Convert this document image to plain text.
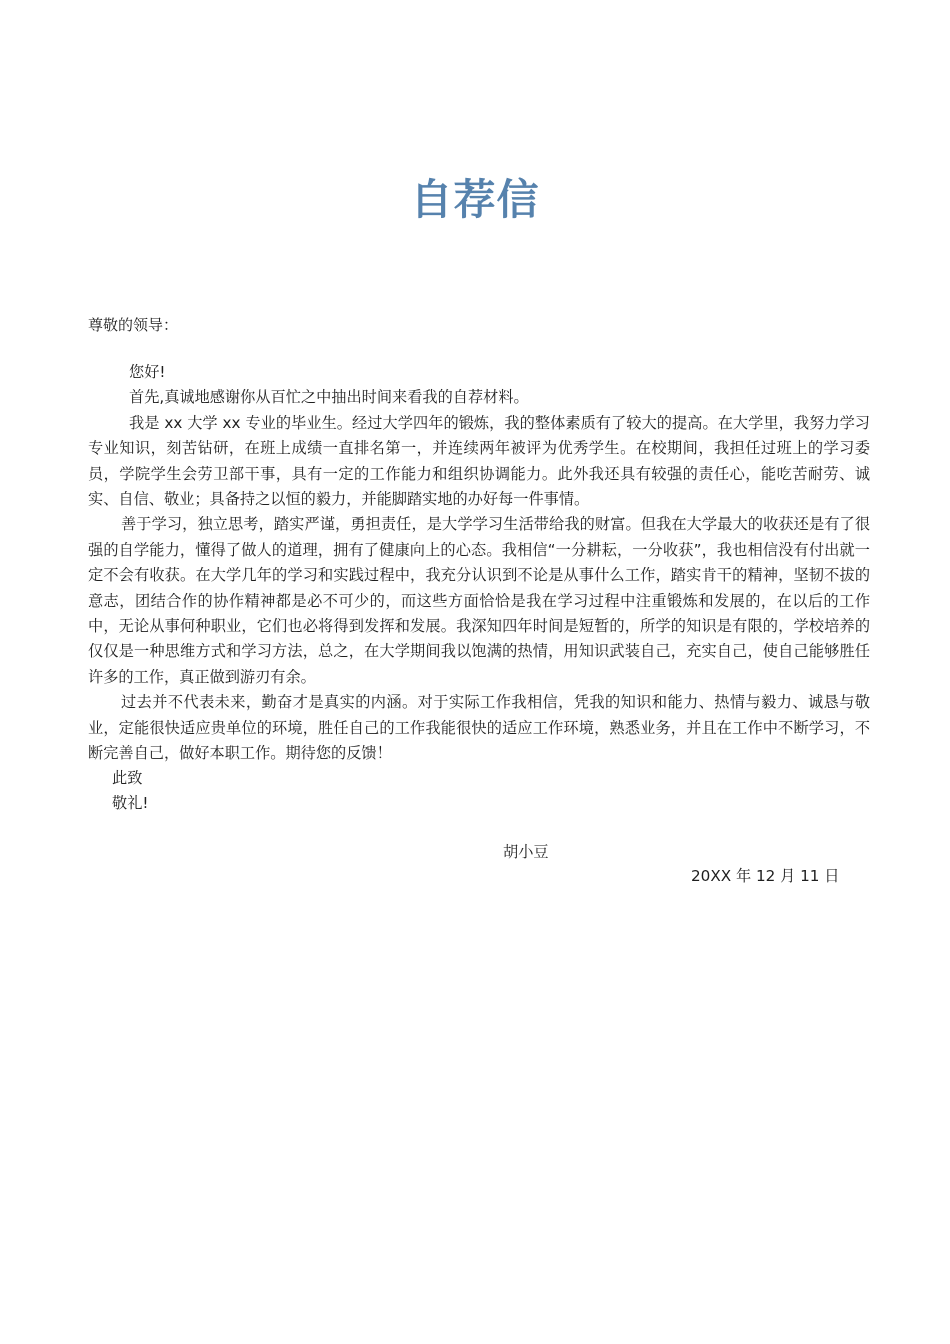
自荐信
尊敬的领导：

您好!

首先,真诚地感谢你从百忙之中抽出时间来看我的自荐材料。

我是 xx 大学 xx 专业的毕业生。经过大学四年的锻炼，我的整体素质有了较大的提高。在大学里，我努力学习专业知识，刻苦钻研，在班上成绩一直排名第一，并连续两年被评为优秀学生。在校期间，我担任过班上的学习委员，学院学生会劳卫部干事，具有一定的工作能力和组织协调能力。此外我还具有较强的责任心，能吃苦耐劳、诚实、自信、敬业；具备持之以恒的毅力，并能脚踏实地的办好每一件事情。

善于学习，独立思考，踏实严谨，勇担责任，是大学学习生活带给我的财富。但我在大学最大的收获还是有了很强的自学能力，懂得了做人的道理，拥有了健康向上的心态。我相信“一分耕耘，一分收获”，我也相信没有付出就一定不会有收获。在大学几年的学习和实践过程中，我充分认识到不论是从事什么工作，踏实肯干的精神，坚韧不拔的意志，团结合作的协作精神都是必不可少的，而这些方面恰恰是我在学习过程中注重锻炼和发展的，在以后的工作中，无论从事何种职业，它们也必将得到发挥和发展。我深知四年时间是短暂的，所学的知识是有限的，学校培养的仅仅是一种思维方式和学习方法，总之，在大学期间我以饱满的热情，用知识武装自己，充实自己，使自己能够胜任许多的工作，真正做到游刃有余。

过去并不代表未来，勤奋才是真实的内涵。对于实际工作我相信，凭我的知识和能力、热情与毅力、诚恳与敬业，定能很快适应贵单位的环境，胜任自己的工作我能很快的适应工作环境，熟悉业务，并且在工作中不断学习，不断完善自己，做好本职工作。期待您的反馈！

此致
敬礼!
胡小豆
20XX 年 12 月 11 日
